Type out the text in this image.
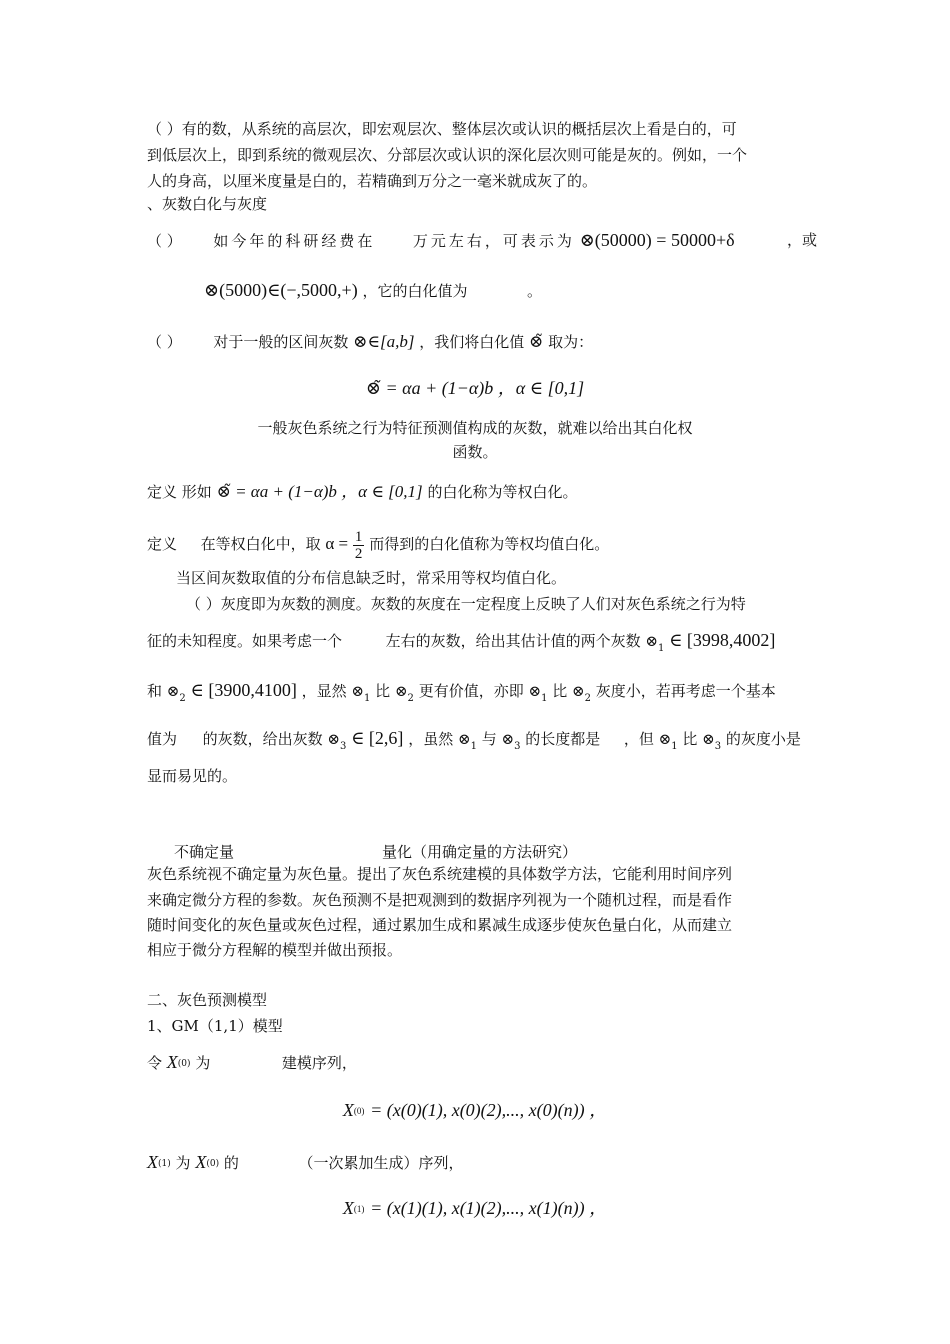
（ ）有的数，从系统的高层次，即宏观层次、整体层次或认识的概括层次上看是白的，可
到低层次上，即到系统的微观层次、分部层次或认识的深化层次则可能是灰的。例如，一个
人的身高，以厘米度量是白的，若精确到万分之一毫米就成灰了的。
、灰数白化与灰度
（ ） 如今年的科研经费在	万元左右，可表示为 ⊗(50000) = 50000+δ	，或
⊗(5000)∈(−,5000,+) ，它的白化值为	。
（ ） 对于一般的区间灰数 ⊗∈[a,b] ，我们将白化值 ⊗̃ 取为：
⊗̃ = αa + (1−α)b ，α ∈ [0,1]
一般灰色系统之行为特征预测值构成的灰数，就难以给出其白化权
函数。
定义 形如 ⊗̃ = αa + (1−α)b ，α ∈ [0,1] 的白化称为等权白化。
定义 在等权白化中，取 $\alpha = \frac{1}{2}$ 而得到的白化值称为等权均值白化。
当区间灰数取值的分布信息缺乏时，常采用等权均值白化。
（ ）灰度即为灰数的测度。灰数的灰度在一定程度上反映了人们对灰色系统之行为特
征的未知程度。如果考虑一个	左右的灰数，给出其估计值的两个灰数 $\otimes_1$ ∈ [3998,4002]
和 $\otimes_2$ ∈ [3900,4100] ，显然 $\otimes_1$ 比 $\otimes_2$ 更有价值，亦即 $\otimes_1$ 比 $\otimes_2$ 灰度小，若再考虑一个基本
值为 的灰数，给出灰数 $\otimes_3$ ∈ [2,6] ，虽然 $\otimes_1$ 与 $\otimes_3$ 的长度都是 ，但 $\otimes_1$ 比 $\otimes_3$ 的灰度小是
显而易见的。
不确定量	量化（用确定量的方法研究）
灰色系统视不确定量为灰色量。提出了灰色系统建模的具体数学方法，它能利用时间序列
来确定微分方程的参数。灰色预测不是把观测到的数据序列视为一个随机过程，而是看作
随时间变化的灰色量或灰色过程，通过累加生成和累减生成逐步使灰色量白化，从而建立
相应于微分方程解的模型并做出预报。
二、灰色预测模型
1、GM（1,1）模型
令 X(0) 为	建模序列，
X(0) = (x(0)(1), x(0)(2),..., x(0)(n)) ，
X(1) 为 X(0) 的	（一次累加生成）序列，
X(1) = (x(1)(1), x(1)(2),..., x(1)(n)) ，
